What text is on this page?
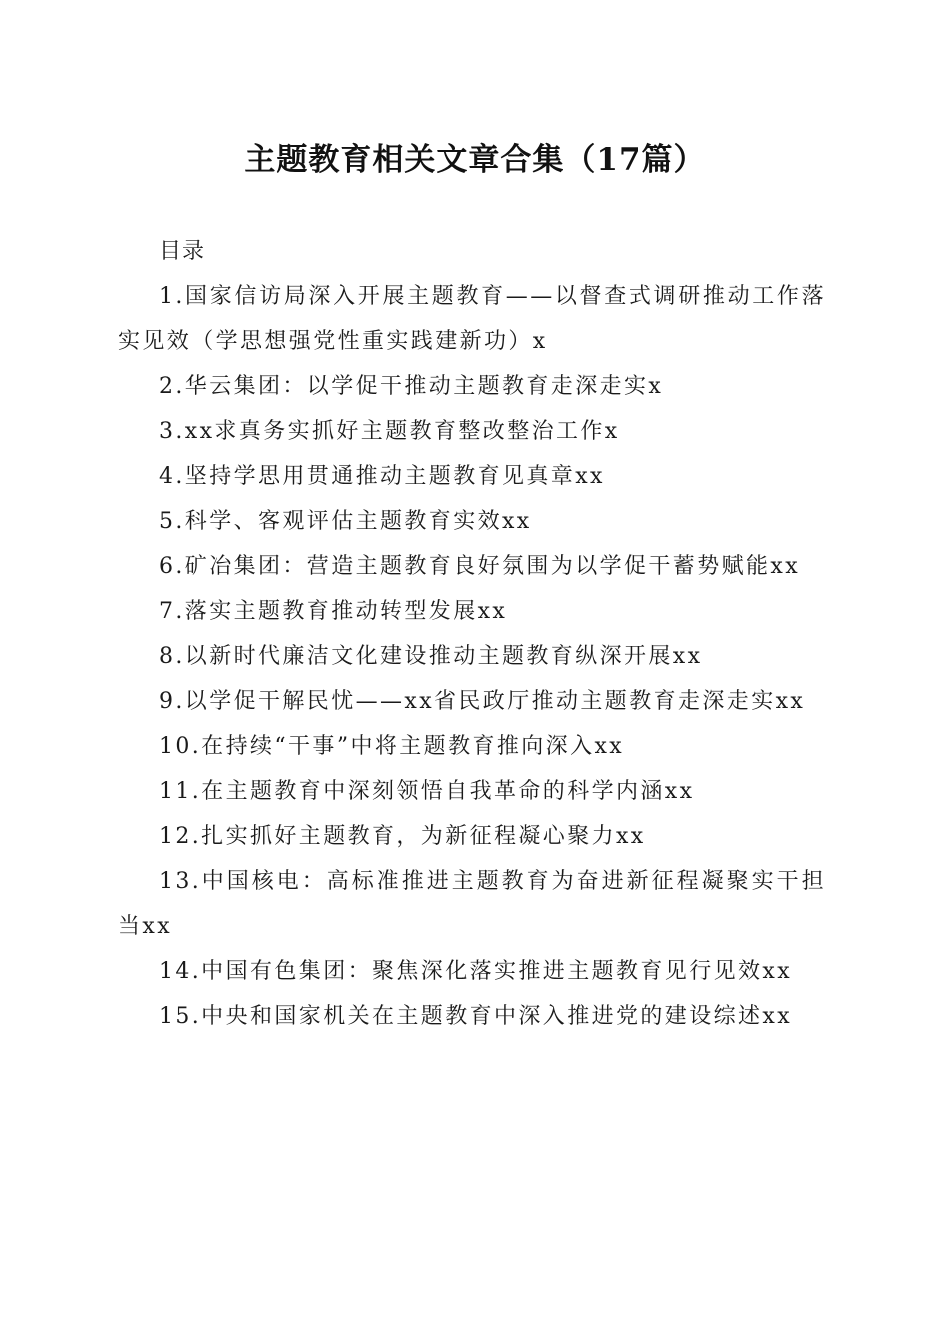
主题教育相关文章合集（17篇）
目录
1.国家信访局深入开展主题教育——以督查式调研推动工作落实见效（学思想强党性重实践建新功）x
2.华云集团：以学促干推动主题教育走深走实x
3.xx求真务实抓好主题教育整改整治工作x
4.坚持学思用贯通推动主题教育见真章xx
5.科学、客观评估主题教育实效xx
6.矿冶集团：营造主题教育良好氛围为以学促干蓄势赋能xx
7.落实主题教育推动转型发展xx
8.以新时代廉洁文化建设推动主题教育纵深开展xx
9.以学促干解民忧——xx省民政厅推动主题教育走深走实xx
10.在持续“干事”中将主题教育推向深入xx
11.在主题教育中深刻领悟自我革命的科学内涵xx
12.扎实抓好主题教育，为新征程凝心聚力xx
13.中国核电：高标准推进主题教育为奋进新征程凝聚实干担当xx
14.中国有色集团：聚焦深化落实推进主题教育见行见效xx
15.中央和国家机关在主题教育中深入推进党的建设综述xx
